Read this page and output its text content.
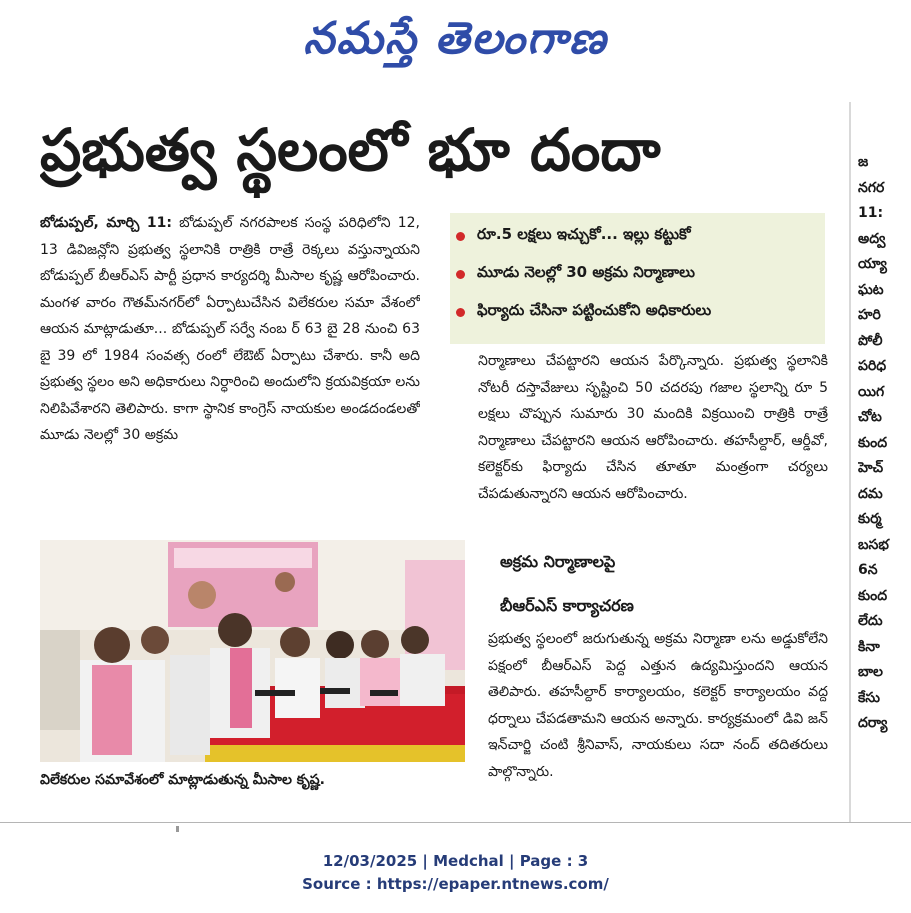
నమస్తే తెలంగాణ
ప్రభుత్వ స్థలంలో భూ దందా

బోడుప్పల్, మార్చి 11: బోడుప్పల్ నగరపాలక సంస్థ పరిధిలోని 12, 13 డివిజన్లోని ప్రభుత్వ స్థలానికి రాత్రికి రాత్రే రెక్కలు వస్తున్నాయని బోడుప్పల్ బీఆర్ఎస్ పార్టీ ప్రధాన కార్యదర్శి మీసాల కృష్ణ ఆరోపించారు. మంగళ వారం గౌతమ్‌నగర్‌లో ఏర్పాటుచేసిన విలేకరుల సమా వేశంలో ఆయన మాట్లాడుతూ... బోడుప్పల్ సర్వే నంబ ర్ 63 బై 28 నుంచి 63 బై 39 లో 1984 సంవత్స రంలో లేఔట్ ఏర్పాటు చేశారు. కానీ అది ప్రభుత్వ స్థలం అని అధికారులు నిర్ధారించి అందులోని క్రయవిక్రయా లను నిలిపివేశారని తెలిపారు. కాగా స్థానిక కాంగ్రెస్ నాయకుల అండదండలతో మూడు నెలల్లో 30 అక్రమ

రూ.5 లక్షలు ఇచ్చుకో... ఇల్లు కట్టుకో
మూడు నెలల్లో 30 అక్రమ నిర్మాణాలు
ఫిర్యాదు చేసినా పట్టించుకోని అధికారులు

నిర్మాణాలు చేపట్టారని ఆయన పేర్కొన్నారు. ప్రభుత్వ స్థలానికి నోటరీ దస్తావేజులు సృష్టించి 50 చదరపు గజాల స్థలాన్ని రూ 5 లక్షలు చొప్పున సుమారు 30 మందికి విక్రయించి రాత్రికి రాత్రే నిర్మాణాలు చేపట్టారని ఆయన ఆరోపించారు. తహసీల్దార్, ఆర్డీవో, కలెక్టర్‌కు ఫిర్యాదు చేసిన తూతూ మంత్రంగా చర్యలు చేపడుతున్నారని ఆయన ఆరోపించారు.

అక్రమ నిర్మాణాలపై
బీఆర్ఎస్ కార్యాచరణ

ప్రభుత్వ స్థలంలో జరుగుతున్న అక్రమ నిర్మాణా లను అడ్డుకోలేని పక్షంలో బీఆర్ఎస్ పెద్ద ఎత్తున ఉద్యమిస్తుందని ఆయన తెలిపారు. తహసీల్దార్ కార్యాలయం, కలెక్టర్ కార్యాలయం వద్ద ధర్నాలు చేపడతామని ఆయన అన్నారు. కార్యక్రమంలో డివి జన్ ఇన్‌చార్జి చంటి శ్రీనివాస్, నాయకులు సదా నంద్ తదితరులు పాల్గొన్నారు.

విలేకరుల సమావేశంలో మాట్లాడుతున్న మీసాల కృష్ణ.
జ
నగర
11:
అద్వ
య్యా
ఘట
హరి
పోలీ
పరిధ
యిగ
చోట
కుంద
హెచ్
దమ
కుర్మ
బసభ
6న
కుంద
లేదు
కినా
బాల
కేసు
దర్యా
12/03/2025 | Medchal | Page : 3
Source : https://epaper.ntnews.com/
